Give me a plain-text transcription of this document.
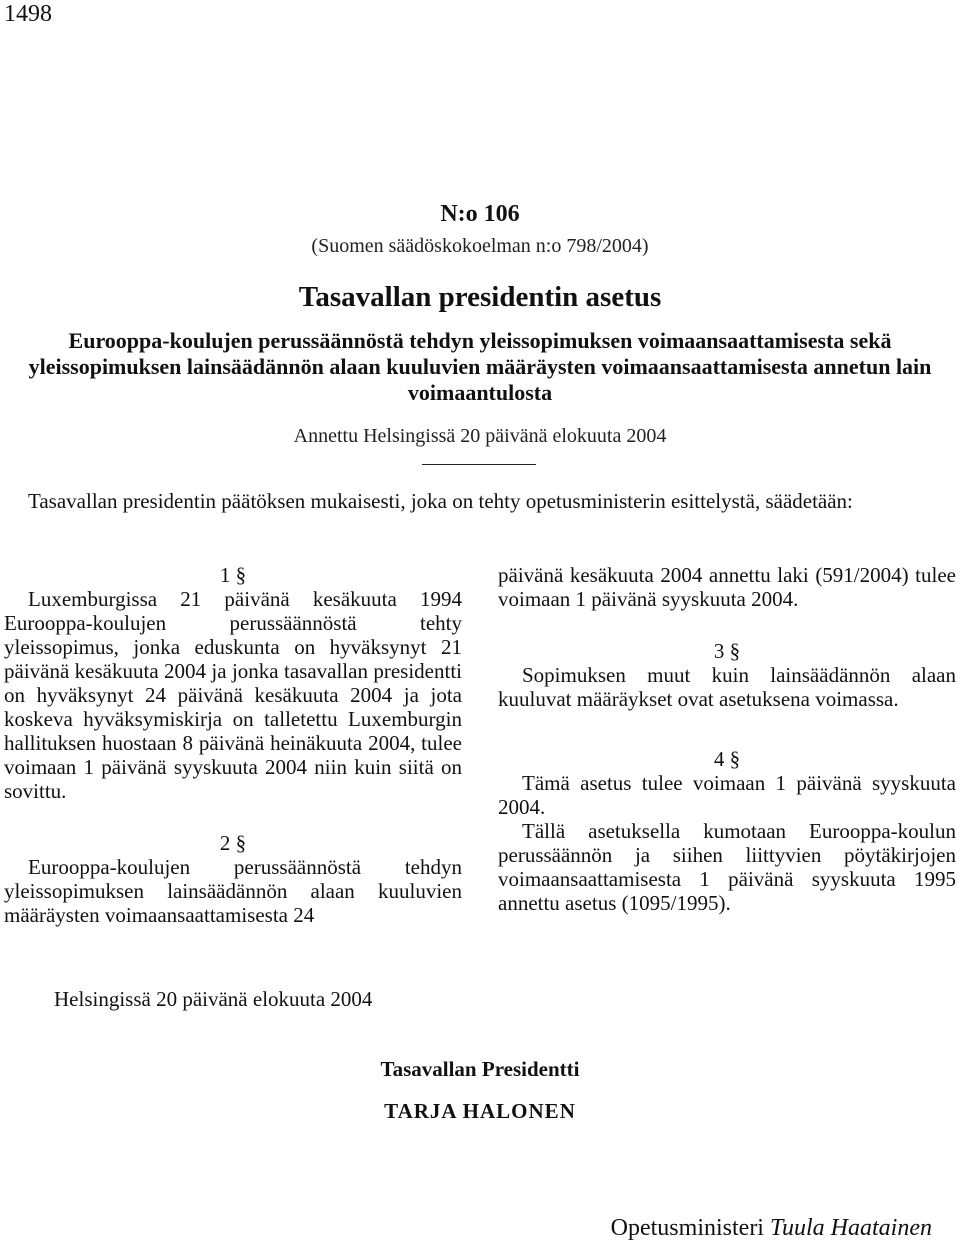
1498
N:o 106
(Suomen säädöskokoelman n:o 798/2004)
Tasavallan presidentin asetus
Eurooppa-koulujen perussäännöstä tehdyn yleissopimuksen voimaansaattamisesta sekä yleissopimuksen lainsäädännön alaan kuuluvien määräysten voimaansaattamisesta annetun lain voimaantulosta
Annettu Helsingissä 20 päivänä elokuuta 2004
Tasavallan presidentin päätöksen mukaisesti, joka on tehty opetusministerin esittelystä, säädetään:
1 §

Luxemburgissa 21 päivänä kesäkuuta 1994 Eurooppa-koulujen perussäännöstä tehty yleissopimus, jonka eduskunta on hyväksynyt 21 päivänä kesäkuuta 2004 ja jonka tasavallan presidentti on hyväksynyt 24 päivänä kesäkuuta 2004 ja jota koskeva hyväksymiskirja on talletettu Luxemburgin hallituksen huostaan 8 päivänä heinäkuuta 2004, tulee voimaan 1 päivänä syyskuuta 2004 niin kuin siitä on sovittu.

2 §

Eurooppa-koulujen perussäännöstä tehdyn yleissopimuksen lainsäädännön alaan kuuluvien määräysten voimaansaattamisesta 24

päivänä kesäkuuta 2004 annettu laki (591/2004) tulee voimaan 1 päivänä syyskuuta 2004.

3 §

Sopimuksen muut kuin lainsäädännön alaan kuuluvat määräykset ovat asetuksena voimassa.

4 §

Tämä asetus tulee voimaan 1 päivänä syyskuuta 2004.

Tällä asetuksella kumotaan Eurooppa-koulun perussäännön ja siihen liittyvien pöytäkirjojen voimaansaattamisesta 1 päivänä syyskuuta 1995 annettu asetus (1095/1995).

Helsingissä 20 päivänä elokuuta 2004
Tasavallan Presidentti
TARJA HALONEN
Opetusministeri Tuula Haatainen
